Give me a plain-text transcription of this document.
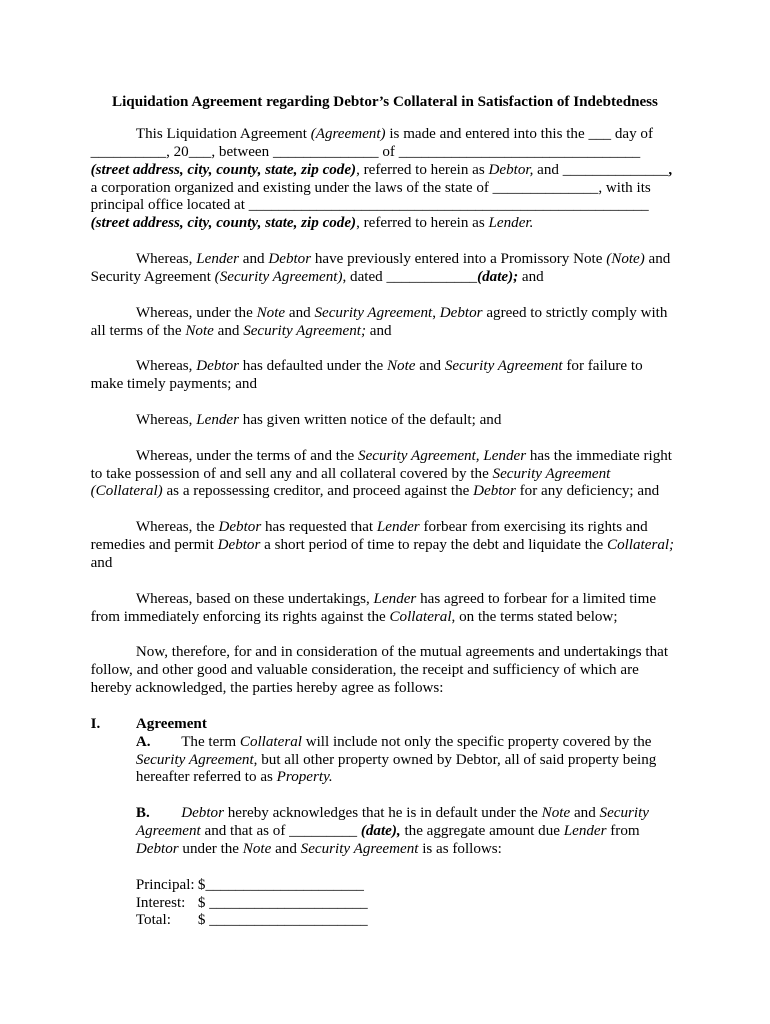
Liquidation Agreement regarding Debtor’s Collateral in Satisfaction of Indebtedness
This Liquidation Agreement (Agreement) is made and entered into this the ___ day of
__________, 20___, between ______________ of ________________________________
(street address, city, county, state, zip code), referred to herein as Debtor, and ______________,
a corporation organized and existing under the laws of the state of ______________, with its
principal office located at _____________________________________________________
(street address, city, county, state, zip code), referred to herein as Lender.
Whereas, Lender and Debtor have previously entered into a Promissory Note (Note) and
Security Agreement (Security Agreement), dated ____________(date); and
Whereas, under the Note and Security Agreement, Debtor agreed to strictly comply with
all terms of the Note and Security Agreement; and
Whereas, Debtor has defaulted under the Note and Security Agreement for failure to
make timely payments; and
Whereas, Lender has given written notice of the default; and
Whereas, under the terms of and the Security Agreement, Lender has the immediate right
to take possession of and sell any and all collateral covered by the Security Agreement
(Collateral) as a repossessing creditor, and proceed against the Debtor for any deficiency; and
Whereas, the Debtor has requested that Lender forbear from exercising its rights and
remedies and permit Debtor a short period of time to repay the debt and liquidate the Collateral;
and
Whereas, based on these undertakings, Lender has agreed to forbear for a limited time
from immediately enforcing its rights against the Collateral, on the terms stated below;
Now, therefore, for and in consideration of the mutual agreements and undertakings that
follow, and other good and valuable consideration, the receipt and sufficiency of which are
hereby acknowledged, the parties hereby agree as follows:
I. Agreement
A. The term Collateral will include not only the specific property covered by the
Security Agreement, but all other property owned by Debtor, all of said property being
hereafter referred to as Property.
B. Debtor hereby acknowledges that he is in default under the Note and Security
Agreement and that as of _________ (date), the aggregate amount due Lender from
Debtor under the Note and Security Agreement is as follows:
Principal: $_____________________
Interest: $ _____________________
Total: $ _____________________
